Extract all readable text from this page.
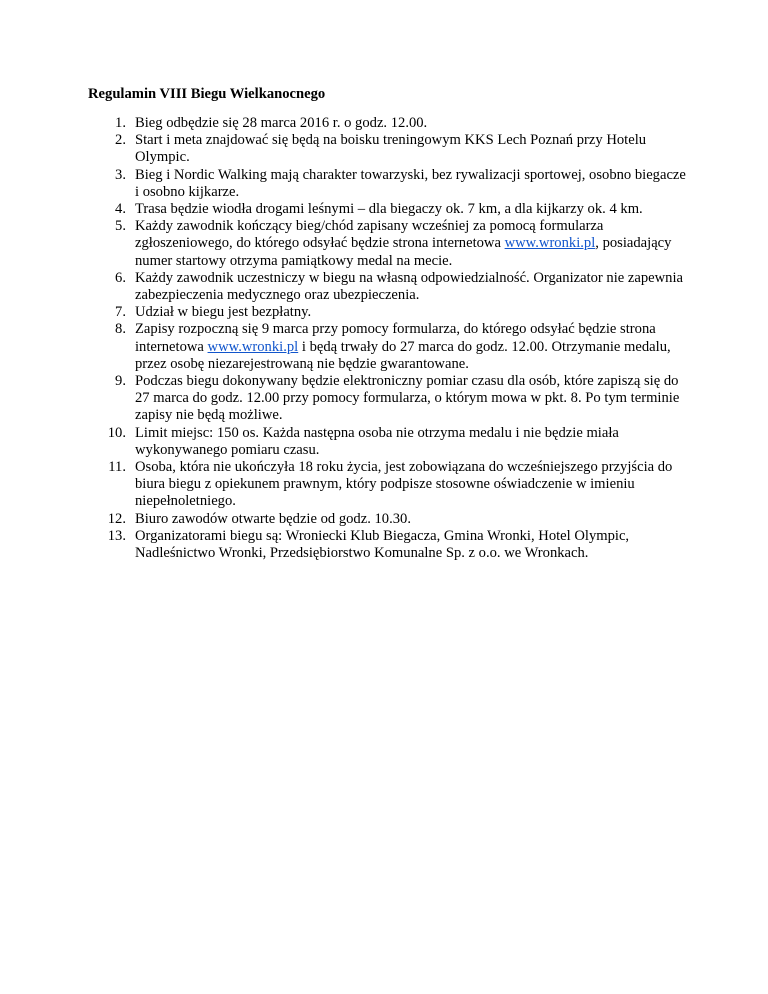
Regulamin VIII Biegu Wielkanocnego
1. Bieg odbędzie się 28 marca 2016 r. o godz. 12.00.
2. Start i meta znajdować się będą na boisku treningowym KKS Lech Poznań przy Hotelu Olympic.
3. Bieg i Nordic Walking mają charakter towarzyski, bez rywalizacji sportowej, osobno biegacze i osobno kijkarze.
4. Trasa będzie wiodła drogami leśnymi – dla biegaczy ok. 7 km, a dla kijkarzy ok. 4 km.
5. Każdy zawodnik kończący bieg/chód zapisany wcześniej za pomocą formularza zgłoszeniowego, do którego odsyłać będzie strona internetowa www.wronki.pl, posiadający numer startowy otrzyma pamiątkowy medal na mecie.
6. Każdy zawodnik uczestniczy w biegu na własną odpowiedzialność. Organizator nie zapewnia zabezpieczenia medycznego oraz ubezpieczenia.
7. Udział w biegu jest bezpłatny.
8. Zapisy rozpoczną się 9 marca przy pomocy formularza, do którego odsyłać będzie strona internetowa www.wronki.pl i będą trwały do 27 marca do godz. 12.00. Otrzymanie medalu, przez osobę niezarejestrowaną nie będzie gwarantowane.
9. Podczas biegu dokonywany będzie elektroniczny pomiar czasu dla osób, które zapiszą się do 27 marca do godz. 12.00 przy pomocy formularza, o którym mowa w pkt. 8. Po tym terminie zapisy nie będą możliwe.
10. Limit miejsc: 150 os. Każda następna osoba nie otrzyma medalu i nie będzie miała wykonywanego pomiaru czasu.
11. Osoba, która nie ukończyła 18 roku życia, jest zobowiązana do wcześniejszego przyjścia do biura biegu z opiekunem prawnym, który podpisze stosowne oświadczenie w imieniu niepełnoletniego.
12. Biuro zawodów otwarte będzie od godz. 10.30.
13. Organizatorami biegu są: Wroniecki Klub Biegacza, Gmina Wronki, Hotel Olympic, Nadleśnictwo Wronki, Przedsiębiorstwo Komunalne Sp. z o.o. we Wronkach.
